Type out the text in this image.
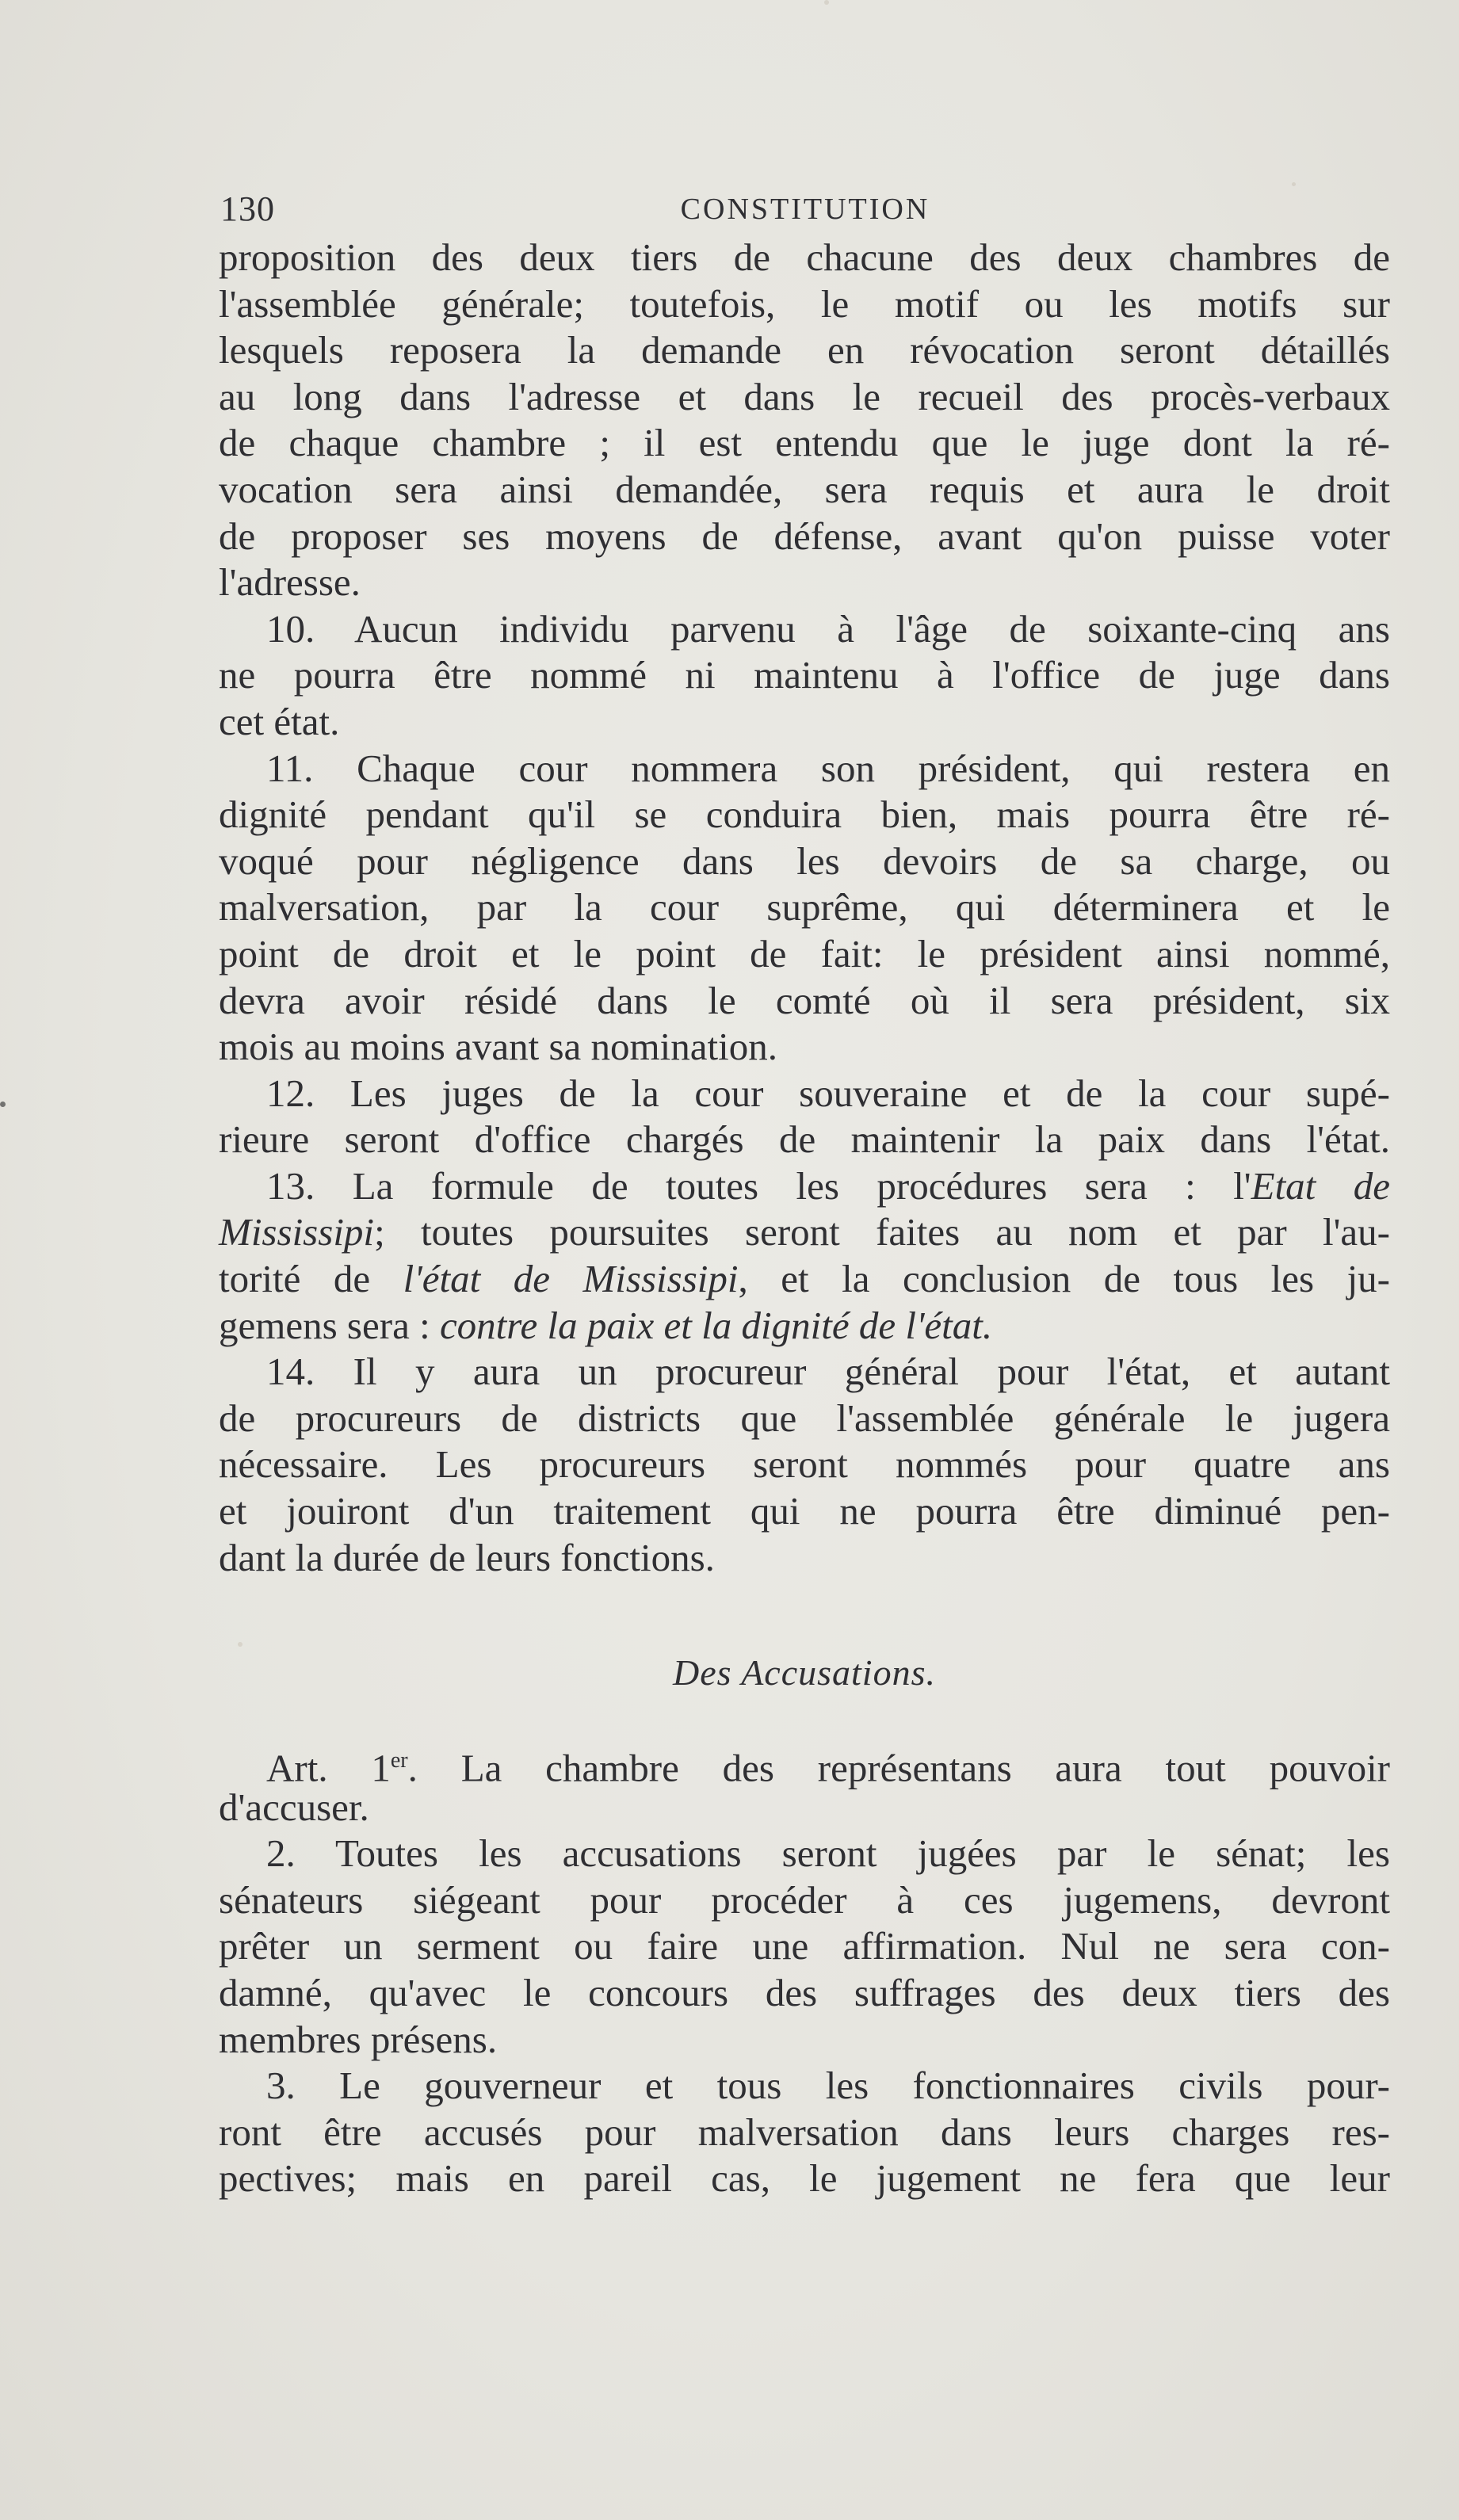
130	CONSTITUTION
proposition des deux tiers de chacune des deux chambres de
l'assemblée générale; toutefois, le motif ou les motifs sur
lesquels reposera la demande en révocation seront détaillés
au long dans l'adresse et dans le recueil des procès-verbaux
de chaque chambre ; il est entendu que le juge dont la ré-
vocation sera ainsi demandée, sera requis et aura le droit
de proposer ses moyens de défense, avant qu'on puisse voter
l'adresse.
10. Aucun individu parvenu à l'âge de soixante-cinq ans
ne pourra être nommé ni maintenu à l'office de juge dans
cet état.
11. Chaque cour nommera son président, qui restera en
dignité pendant qu'il se conduira bien, mais pourra être ré-
voqué pour négligence dans les devoirs de sa charge, ou
malversation, par la cour suprême, qui déterminera et le
point de droit et le point de fait: le président ainsi nommé,
devra avoir résidé dans le comté où il sera président, six
mois au moins avant sa nomination.
12. Les juges de la cour souveraine et de la cour supé-
rieure seront d'office chargés de maintenir la paix dans l'état.
13. La formule de toutes les procédures sera : l'Etat de
Mississipi; toutes poursuites seront faites au nom et par l'au-
torité de l'état de Mississipi, et la conclusion de tous les ju-
gemens sera : contre la paix et la dignité de l'état.
14. Il y aura un procureur général pour l'état, et autant
de procureurs de districts que l'assemblée générale le jugera
nécessaire. Les procureurs seront nommés pour quatre ans
et jouiront d'un traitement qui ne pourra être diminué pen-
dant la durée de leurs fonctions.
Des Accusations.
Art. 1er. La chambre des représentans aura tout pouvoir
d'accuser.
2. Toutes les accusations seront jugées par le sénat; les
sénateurs siégeant pour procéder à ces jugemens, devront
prêter un serment ou faire une affirmation. Nul ne sera con-
damné, qu'avec le concours des suffrages des deux tiers des
membres présens.
3. Le gouverneur et tous les fonctionnaires civils pour-
ront être accusés pour malversation dans leurs charges res-
pectives; mais en pareil cas, le jugement ne fera que leur
